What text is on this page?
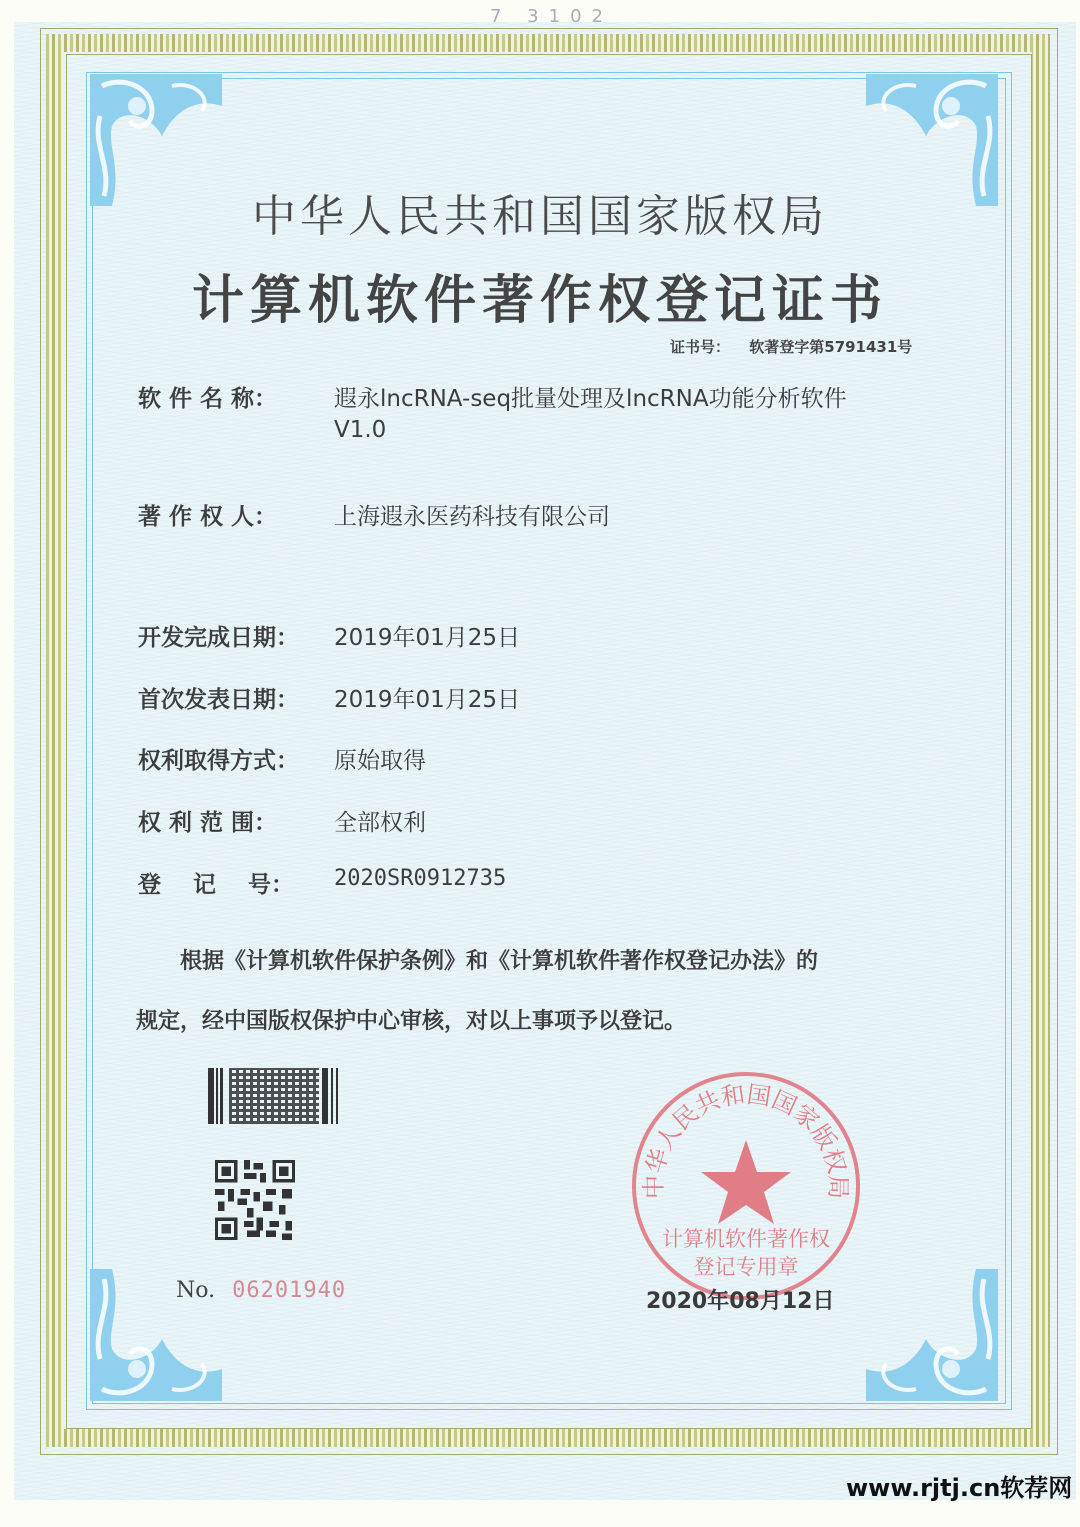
7 3102
中华人民共和国国家版权局
计算机软件著作权登记证书
证书号： 软著登字第5791431号
软 件 名 称：	遐永lncRNA-seq批量处理及lncRNA功能分析软件
V1.0
著 作 权 人：	上海遐永医药科技有限公司
开发完成日期：	2019年01月25日
首次发表日期：	2019年01月25日
权利取得方式：	原始取得
权 利 范 围：	全部权利
登    记    号：	2020SR0912735
根据《计算机软件保护条例》和《计算机软件著作权登记办法》的
规定，经中国版权保护中心审核，对以上事项予以登记。
No. 06201940
中华人民共和国国家版权局
计算机软件著作权
登记专用章
2020年08月12日
www.rjtj.cn软荐网
